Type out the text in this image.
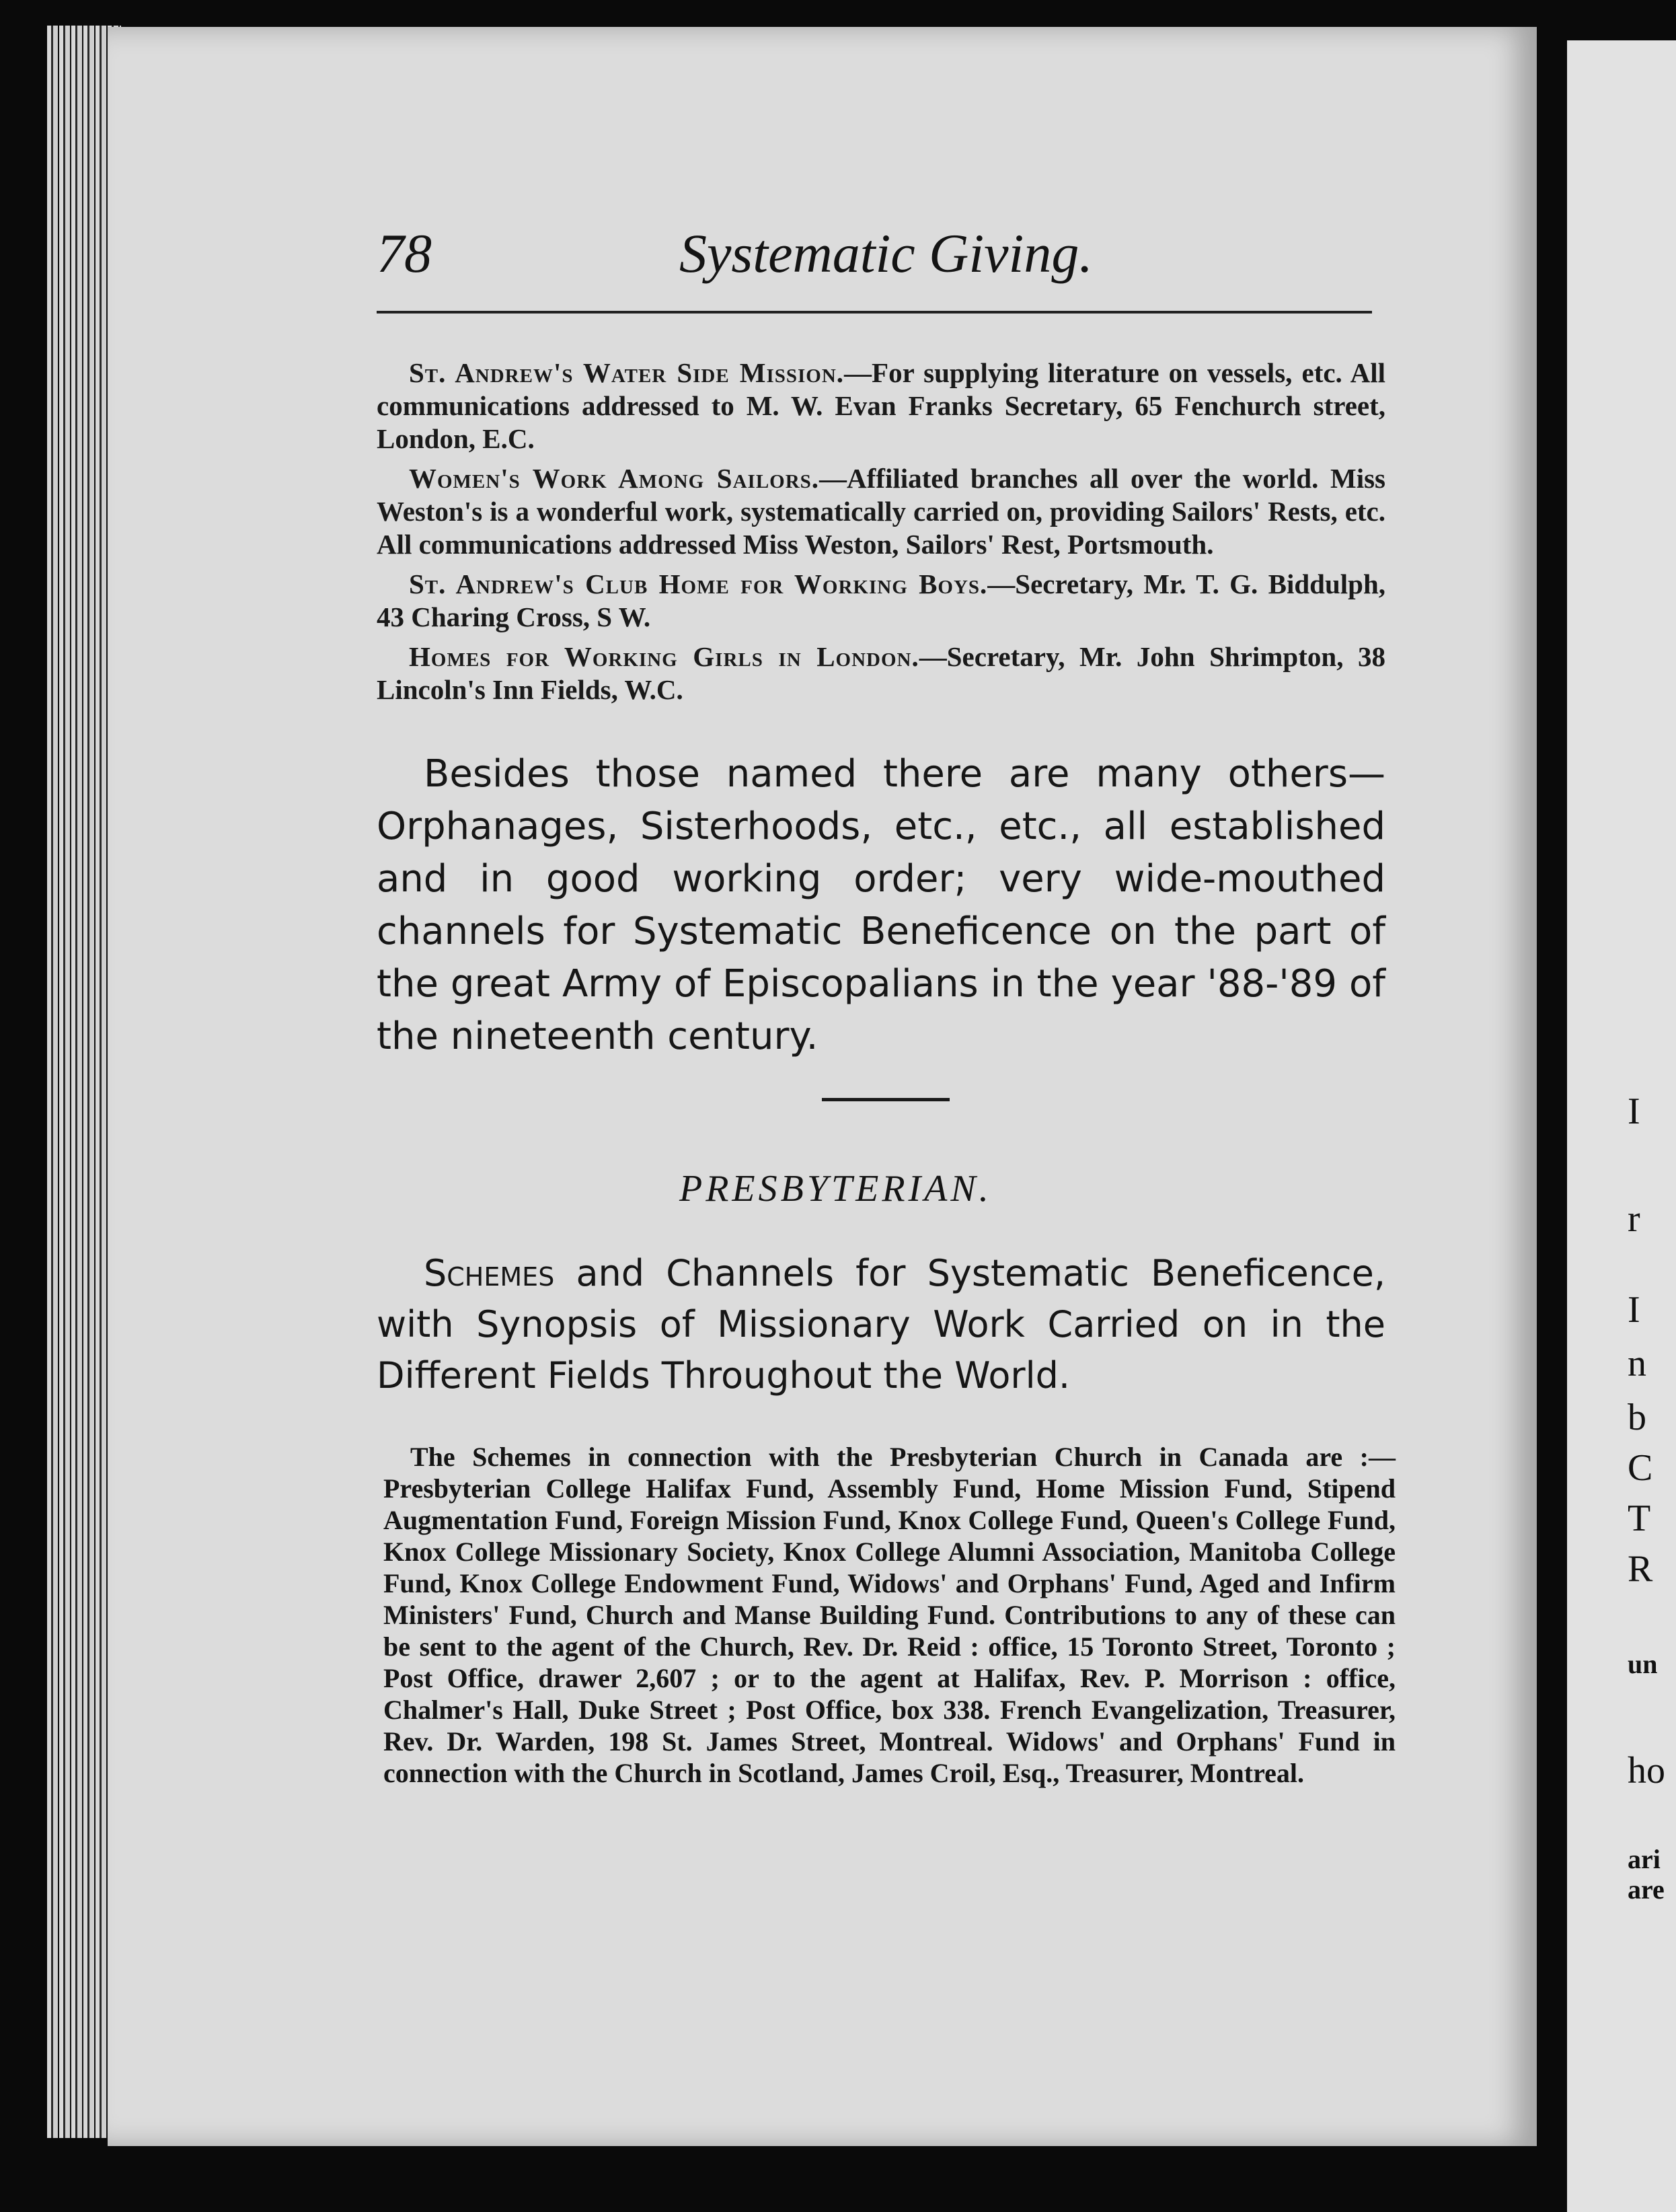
I
r
I
n
b
C
T
R
un
ho
ari
are
78	Systematic Giving.

St. Andrew's Water Side Mission.—For supplying literature on vessels, etc. All communications addressed to M. W. Evan Franks Secretary, 65 Fenchurch street, London, E.C.

Women's Work Among Sailors.—Affiliated branches all over the world. Miss Weston's is a wonderful work, systematically carried on, providing Sailors' Rests, etc. All communications addressed Miss Weston, Sailors' Rest, Portsmouth.

St. Andrew's Club Home for Working Boys.—Secretary, Mr. T. G. Biddulph, 43 Charing Cross, S W.

Homes for Working Girls in London.—Secretary, Mr. John Shrimpton, 38 Lincoln's Inn Fields, W.C.

Besides those named there are many others—Orphanages, Sisterhoods, etc., etc., all established and in good working order; very wide-mouthed channels for Systematic Beneficence on the part of the great Army of Episcopalians in the year '88-'89 of the nineteenth century.

PRESBYTERIAN.

Schemes and Channels for Systematic Beneficence, with Synopsis of Missionary Work Carried on in the Different Fields Throughout the World.

The Schemes in connection with the Presbyterian Church in Canada are :—Presbyterian College Halifax Fund, Assembly Fund, Home Mission Fund, Stipend Augmentation Fund, Foreign Mission Fund, Knox College Fund, Queen's College Fund, Knox College Missionary Society, Knox College Alumni Association, Manitoba College Fund, Knox College Endowment Fund, Widows' and Orphans' Fund, Aged and Infirm Ministers' Fund, Church and Manse Building Fund. Contributions to any of these can be sent to the agent of the Church, Rev. Dr. Reid : office, 15 Toronto Street, Toronto ; Post Office, drawer 2,607 ; or to the agent at Halifax, Rev. P. Morrison : office, Chalmer's Hall, Duke Street ; Post Office, box 338. French Evangelization, Treasurer, Rev. Dr. Warden, 198 St. James Street, Montreal. Widows' and Orphans' Fund in connection with the Church in Scotland, James Croil, Esq., Treasurer, Montreal.
